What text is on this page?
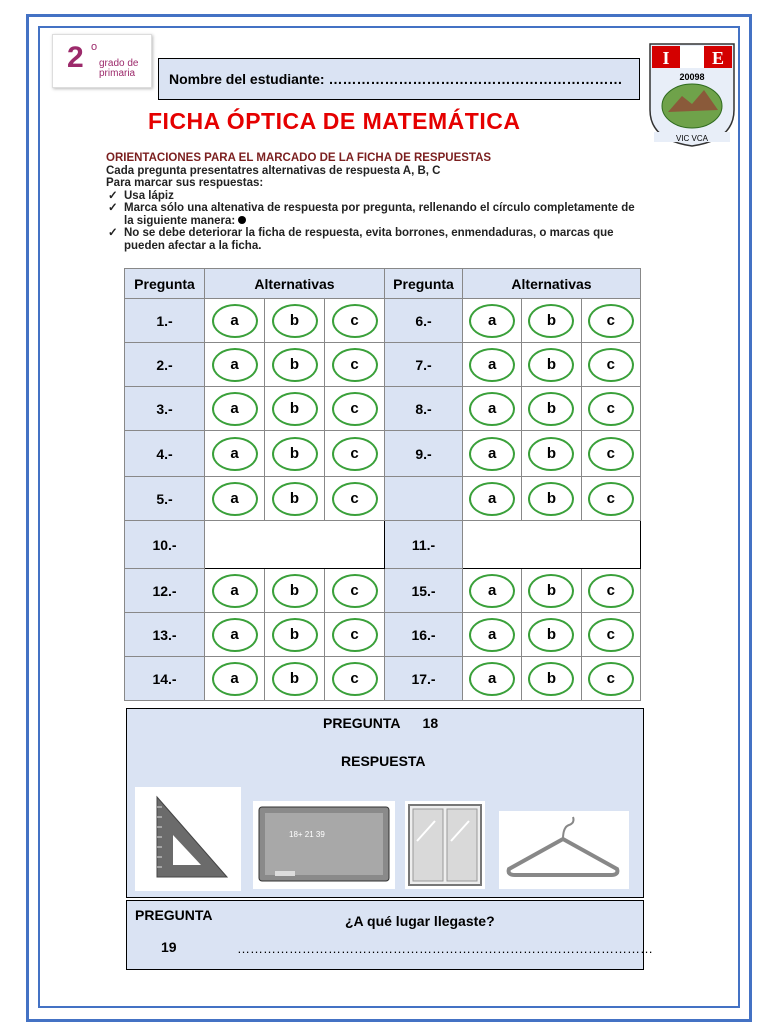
2 o
grado de
primaria	Nombre del estudiante: ………………………………………………………
I E
20098
VIC VCA
FICHA ÓPTICA DE MATEMÁTICA
ORIENTACIONES PARA EL MARCADO DE LA FICHA DE RESPUESTAS
Cada pregunta presentatres alternativas de respuesta A, B, C
Para marcar sus respuestas:
✓ Usa lápiz
✓ Marca sólo una altenativa de respuesta por pregunta, rellenando el círculo completamente de la siguiente manera:
✓ No se debe deteriorar la ficha de respuesta, evita borrones, enmendaduras, o marcas que pueden afectar a la ficha.
Pregunta	Alternativas			Pregunta	Alternativas		
1.-	a	b	c	6.-	a	b	c
2.-	a	b	c	7.-	a	b	c
3.-	a	b	c	8.-	a	b	c
4.-	a	b	c	9.-	a	b	c
5.-	a	b	c		a	b	c
10.-				11.-			
12.-	a	b	c	15.-	a	b	c
13.-	a	b	c	16.-	a	b	c
14.-	a	b	c	17.-	a	b	c
PREGUNTA 18
RESPUESTA
18+ 21 39
PREGUNTA
19
¿A qué lugar llegaste?
……………………………………………………………………………………
